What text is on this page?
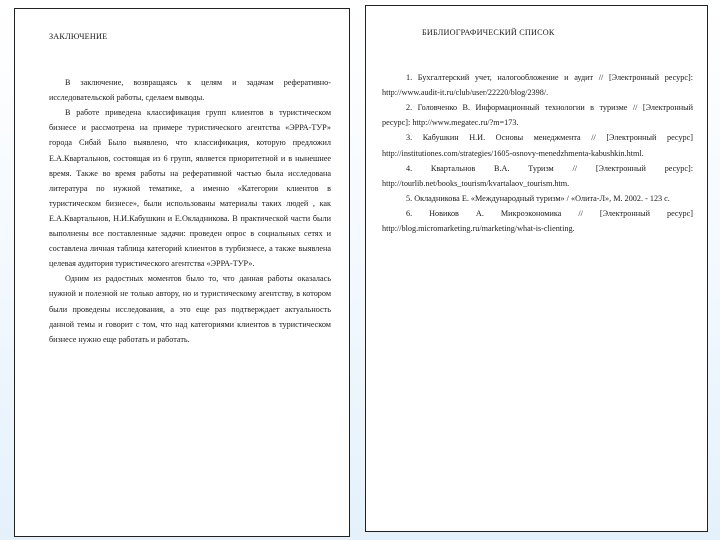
ЗАКЛЮЧЕНИЕ

В заключение, возвращаясь к целям и задачам реферативно-исследовательской работы, сделаем выводы.

В работе приведена классификация групп клиентов в туристическом бизнесе и рассмотрена на примере туристического агентства «ЭРРА-ТУР» города Сибай Было выявлено, что классификация, которую предложил Е.А.Квартальнов, состоящая из 6 групп, является приоритетной и в нынешнее время. Также во время работы на реферативной частью была исследована литература по нужной тематике, а именно «Категории клиентов в туристическом бизнесе», были использованы материалы таких людей , как Е.А.Квартальнов, Н.И.Кабушкин и Е.Окладникова. В практической части были выполнены все поставленные задачи: проведен опрос в социальных сетях и составлена личная таблица категорий клиентов в турбизнесе, а также выявлена целевая аудитория туристического агентства «ЭРРА-ТУР».

Одним из радостных моментов было то, что данная работы оказалась нужной и полезной не только автору, но и туристическому агентству, в котором были проведены исследования, а это еще раз подтверждает актуальность данной темы и говорит с том, что над категориями клиентов в туристическом бизнесе нужно еще работать и работать.

БИБЛИОГРАФИЧЕСКИЙ СПИСОК

1. Бухгалтерский учет, налогообложение и аудит // [Электронный ресурс]: http://www.audit-it.ru/club/user/22220/blog/2398/.

2. Головченко В. Информационный технологии в туризме // [Электронный ресурс]: http://www.megatec.ru/?m=173.

3. Кабушкин Н.И. Основы менеджмента // [Электронный ресурс] http://institutiones.com/strategies/1605-osnovy-menedzhmenta-kabushkin.html.

4. Квартальнов В.А. Туризм // [Электронный ресурс]: http://tourlib.net/books_tourism/kvartalaov_tourism.htm.

5. Окладникова Е. «Международный туризм» / «Олита-Л», М. 2002. - 123 с.

6. Новиков А. Микроэкономика // [Электронный ресурс] http://blog.micromarketing.ru/marketing/what-is-clienting.
